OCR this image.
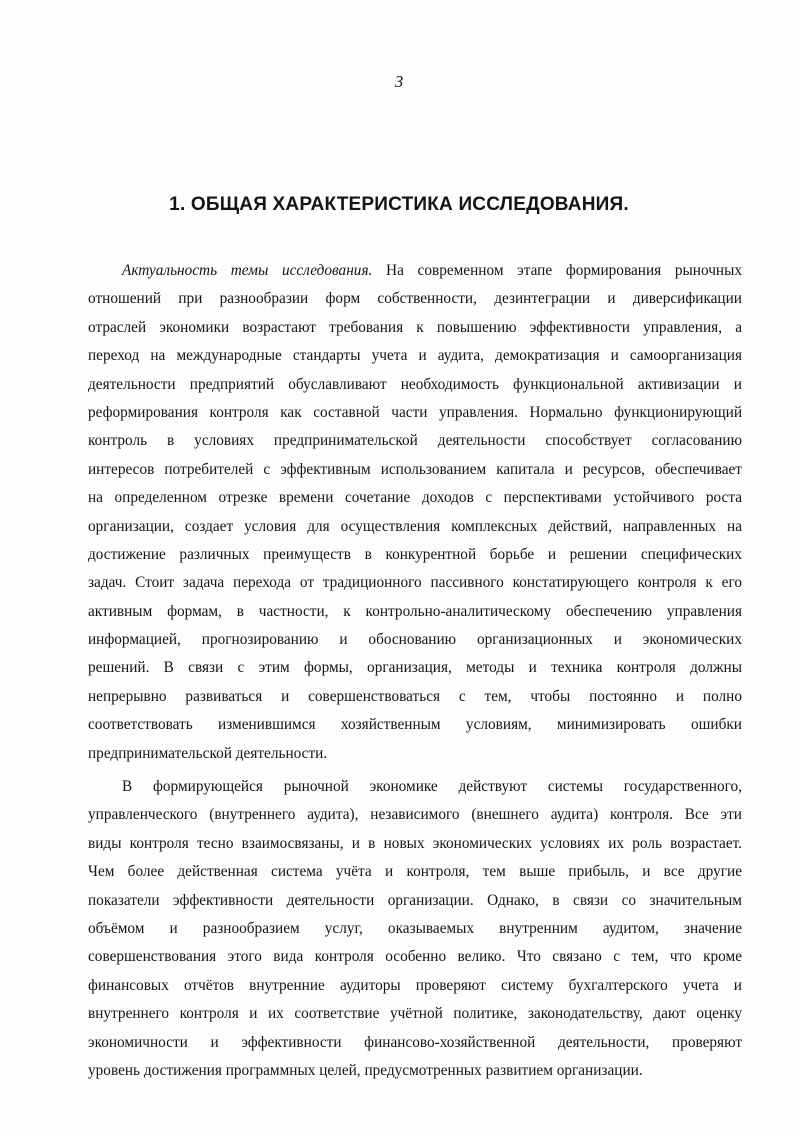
3
1. ОБЩАЯ ХАРАКТЕРИСТИКА ИССЛЕДОВАНИЯ.
Актуальность темы исследования. На современном этапе формирования рыночных
отношений при разнообразии форм собственности, дезинтеграции и диверсификации
отраслей экономики возрастают требования к повышению эффективности управления, а
переход на международные стандарты учета и аудита, демократизация и самоорганизация
деятельности предприятий обуславливают необходимость функциональной активизации и
реформирования контроля как составной части управления. Нормально функционирующий
контроль в условиях предпринимательской деятельности способствует согласованию
интересов потребителей с эффективным использованием капитала и ресурсов, обеспечивает
на определенном отрезке времени сочетание доходов с перспективами устойчивого роста
организации, создает условия для осуществления комплексных действий, направленных на
достижение различных преимуществ в конкурентной борьбе и решении специфических
задач. Стоит задача перехода от традиционного пассивного констатирующего контроля к его
активным формам, в частности, к контрольно-аналитическому обеспечению управления
информацией, прогнозированию и обоснованию организационных и экономических
решений. В связи с этим формы, организация, методы и техника контроля должны
непрерывно развиваться и совершенствоваться с тем, чтобы постоянно и полно
соответствовать изменившимся хозяйственным условиям, минимизировать ошибки
предпринимательской деятельности.
В формирующейся рыночной экономике действуют системы государственного,
управленческого (внутреннего аудита), независимого (внешнего аудита) контроля. Все эти
виды контроля тесно взаимосвязаны, и в новых экономических условиях их роль возрастает.
Чем более действенная система учёта и контроля, тем выше прибыль, и все другие
показатели эффективности деятельности организации. Однако, в связи со значительным
объёмом и разнообразием услуг, оказываемых внутренним аудитом, значение
совершенствования этого вида контроля особенно велико. Что связано с тем, что кроме
финансовых отчётов внутренние аудиторы проверяют систему бухгалтерского учета и
внутреннего контроля и их соответствие учётной политике, законодательству, дают оценку
экономичности и эффективности финансово-хозяйственной деятельности, проверяют
уровень достижения программных целей, предусмотренных развитием организации.
